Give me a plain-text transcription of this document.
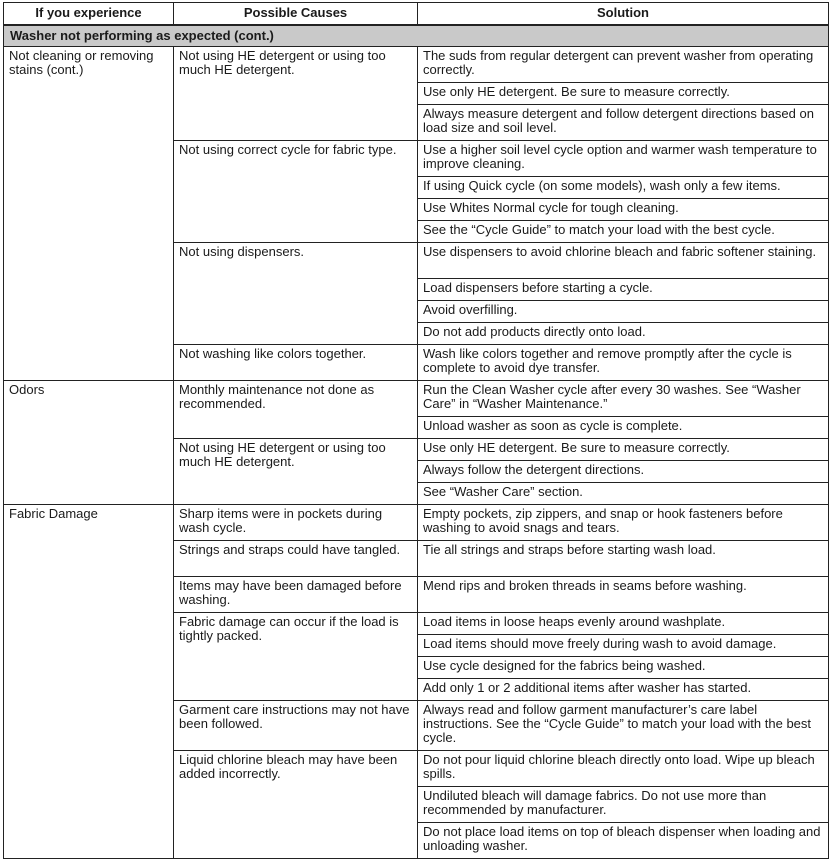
If you experience	Possible Causes	Solution
Washer not performing as expected (cont.)		
Not cleaning or removing stains (cont.)	Not using HE detergent or using too much HE detergent.	The suds from regular detergent can prevent washer from operating correctly.
		Use only HE detergent. Be sure to measure correctly.
		Always measure detergent and follow detergent directions based on load size and soil level.
	Not using correct cycle for fabric type.	Use a higher soil level cycle option and warmer wash temperature to improve cleaning.
		If using Quick cycle (on some models), wash only a few items.
		Use Whites Normal cycle for tough cleaning.
		See the “Cycle Guide” to match your load with the best cycle.
	Not using dispensers.	Use dispensers to avoid chlorine bleach and fabric softener staining.
		Load dispensers before starting a cycle.
		Avoid overfilling.
		Do not add products directly onto load.
	Not washing like colors together.	Wash like colors together and remove promptly after the cycle is complete to avoid dye transfer.
Odors	Monthly maintenance not done as recommended.	Run the Clean Washer cycle after every 30 washes. See “Washer Care” in “Washer Maintenance.”
		Unload washer as soon as cycle is complete.
	Not using HE detergent or using too much HE detergent.	Use only HE detergent. Be sure to measure correctly.
		Always follow the detergent directions.
		See “Washer Care” section.
Fabric Damage	Sharp items were in pockets during wash cycle.	Empty pockets, zip zippers, and snap or hook fasteners before washing to avoid snags and tears.
	Strings and straps could have tangled.	Tie all strings and straps before starting wash load.
	Items may have been damaged before washing.	Mend rips and broken threads in seams before washing.
	Fabric damage can occur if the load is tightly packed.	Load items in loose heaps evenly around washplate.
		Load items should move freely during wash to avoid damage.
		Use cycle designed for the fabrics being washed.
		Add only 1 or 2 additional items after washer has started.
	Garment care instructions may not have been followed.	Always read and follow garment manufacturer’s care label instructions. See the “Cycle Guide” to match your load with the best cycle.
	Liquid chlorine bleach may have been added incorrectly.	Do not pour liquid chlorine bleach directly onto load. Wipe up bleach spills.
		Undiluted bleach will damage fabrics. Do not use more than recommended by manufacturer.
		Do not place load items on top of bleach dispenser when loading and unloading washer.
